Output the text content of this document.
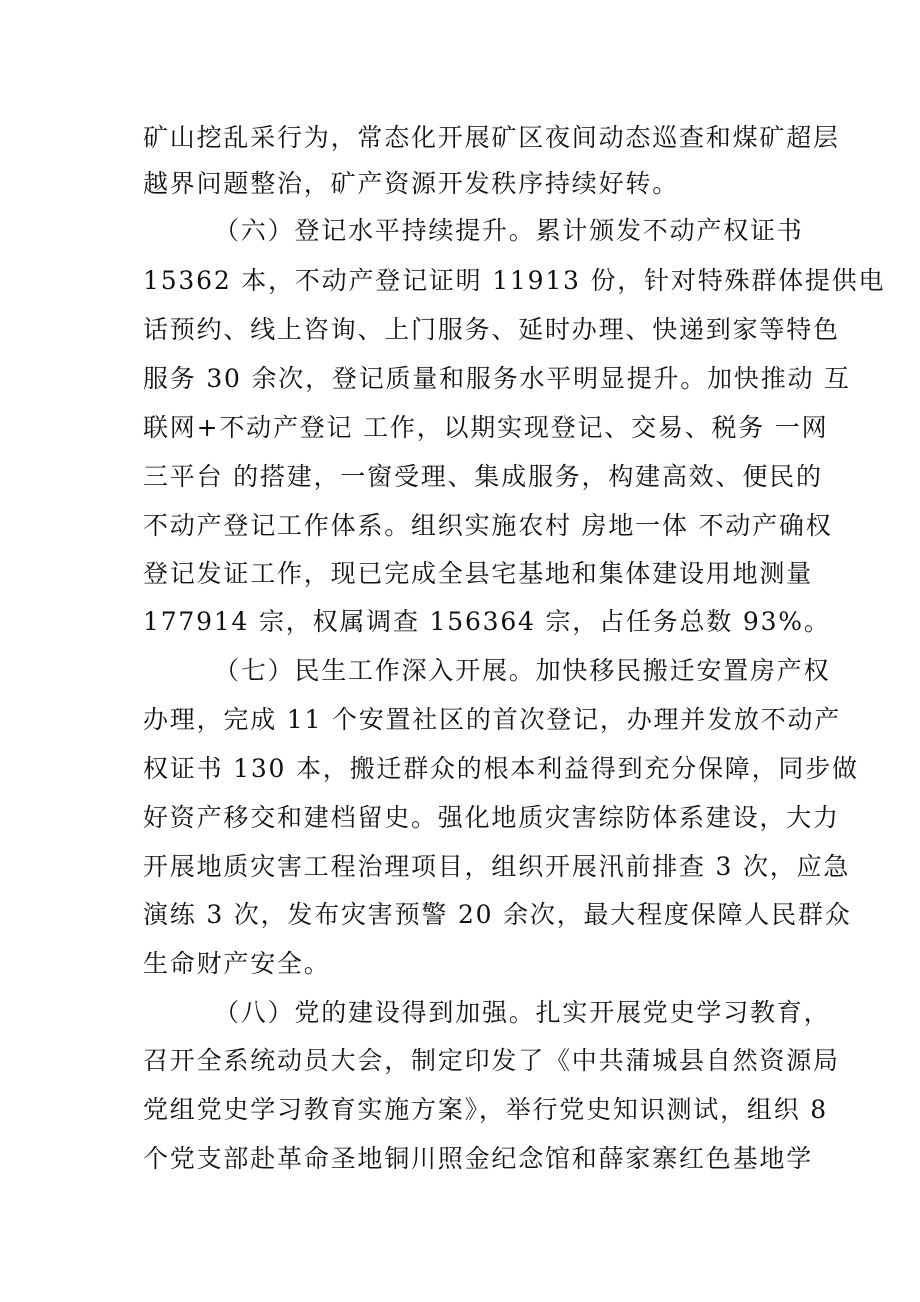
矿山挖乱采行为，常态化开展矿区夜间动态巡查和煤矿超层
越界问题整治，矿产资源开发秩序持续好转。
（六）登记水平持续提升。累计颁发不动产权证书
15362 本，不动产登记证明 11913 份，针对特殊群体提供电
话预约、线上咨询、上门服务、延时办理、快递到家等特色
服务 30 余次，登记质量和服务水平明显提升。加快推动 互
联网+不动产登记 工作，以期实现登记、交易、税务 一网
三平台 的搭建，一窗受理、集成服务，构建高效、便民的
不动产登记工作体系。组织实施农村 房地一体 不动产确权
登记发证工作，现已完成全县宅基地和集体建设用地测量
177914 宗，权属调查 156364 宗，占任务总数 93%。
（七）民生工作深入开展。加快移民搬迁安置房产权
办理，完成 11 个安置社区的首次登记，办理并发放不动产
权证书 130 本，搬迁群众的根本利益得到充分保障，同步做
好资产移交和建档留史。强化地质灾害综防体系建设，大力
开展地质灾害工程治理项目，组织开展汛前排查 3 次，应急
演练 3 次，发布灾害预警 20 余次，最大程度保障人民群众
生命财产安全。
（八）党的建设得到加强。扎实开展党史学习教育，
召开全系统动员大会，制定印发了《中共蒲城县自然资源局
党组党史学习教育实施方案》，举行党史知识测试，组织 8
个党支部赴革命圣地铜川照金纪念馆和薛家寨红色基地学
